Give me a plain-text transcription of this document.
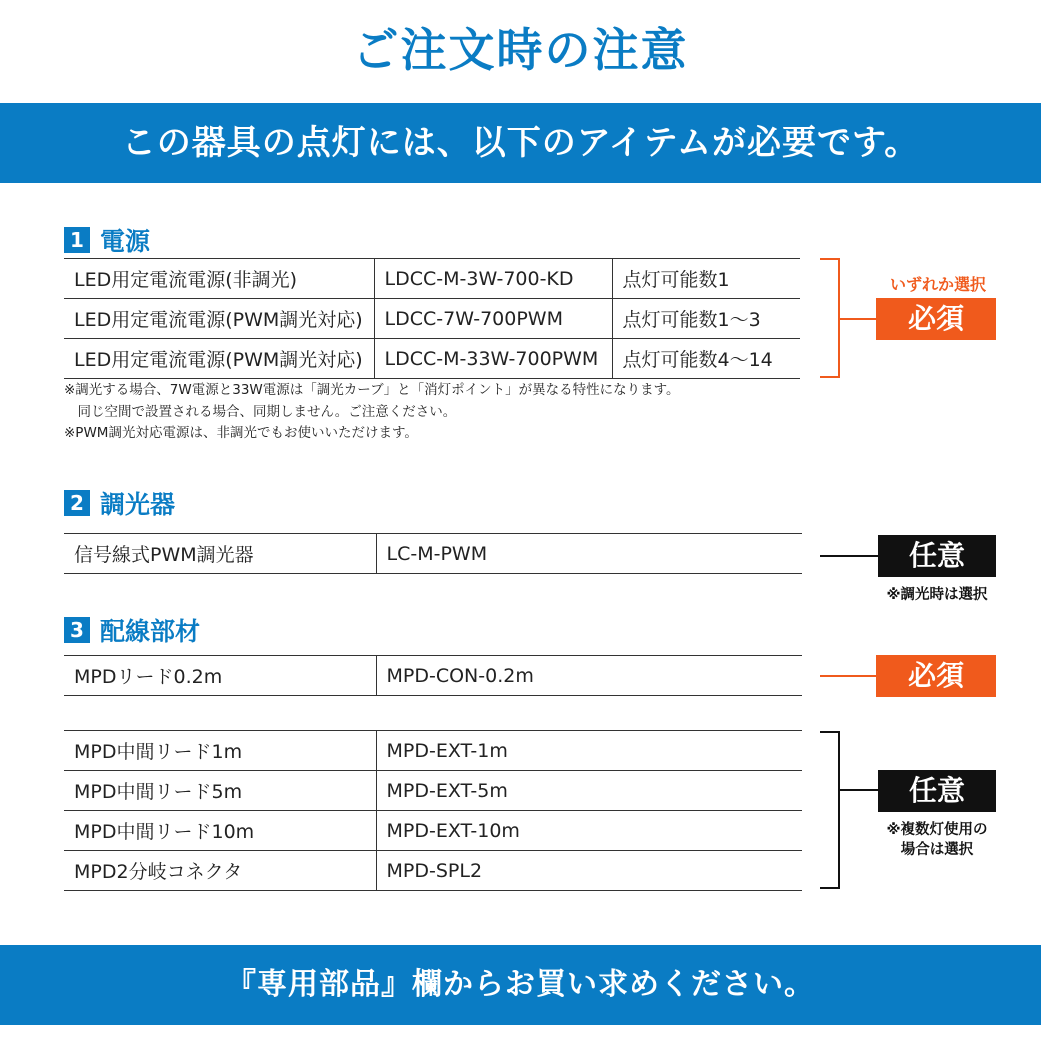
ご注文時の注意
この器具の点灯には、以下のアイテムが必要です。
1 電源
LED用定電流電源(非調光)	LDCC-M-3W-700-KD	点灯可能数1
LED用定電流電源(PWM調光対応)	LDCC-7W-700PWM	点灯可能数1〜3
LED用定電流電源(PWM調光対応)	LDCC-M-33W-700PWM	点灯可能数4〜14
いずれか選択
必須

※調光する場合、7W電源と33W電源は「調光カーブ」と「消灯ポイント」が異なる特性になります。

　同じ空間で設置される場合、同期しません。ご注意ください。

※PWM調光対応電源は、非調光でもお使いいただけます。

2 調光器
信号線式PWM調光器	LC-M-PWM	任意
※調光時は選択
3 配線部材
MPDリード0.2m	MPD-CON-0.2m	必須
MPD中間リード1m	MPD-EXT-1m
MPD中間リード5m	MPD-EXT-5m
MPD中間リード10m	MPD-EXT-10m
MPD2分岐コネクタ	MPD-SPL2
任意
※複数灯使用の
場合は選択
『専用部品』欄からお買い求めください。
